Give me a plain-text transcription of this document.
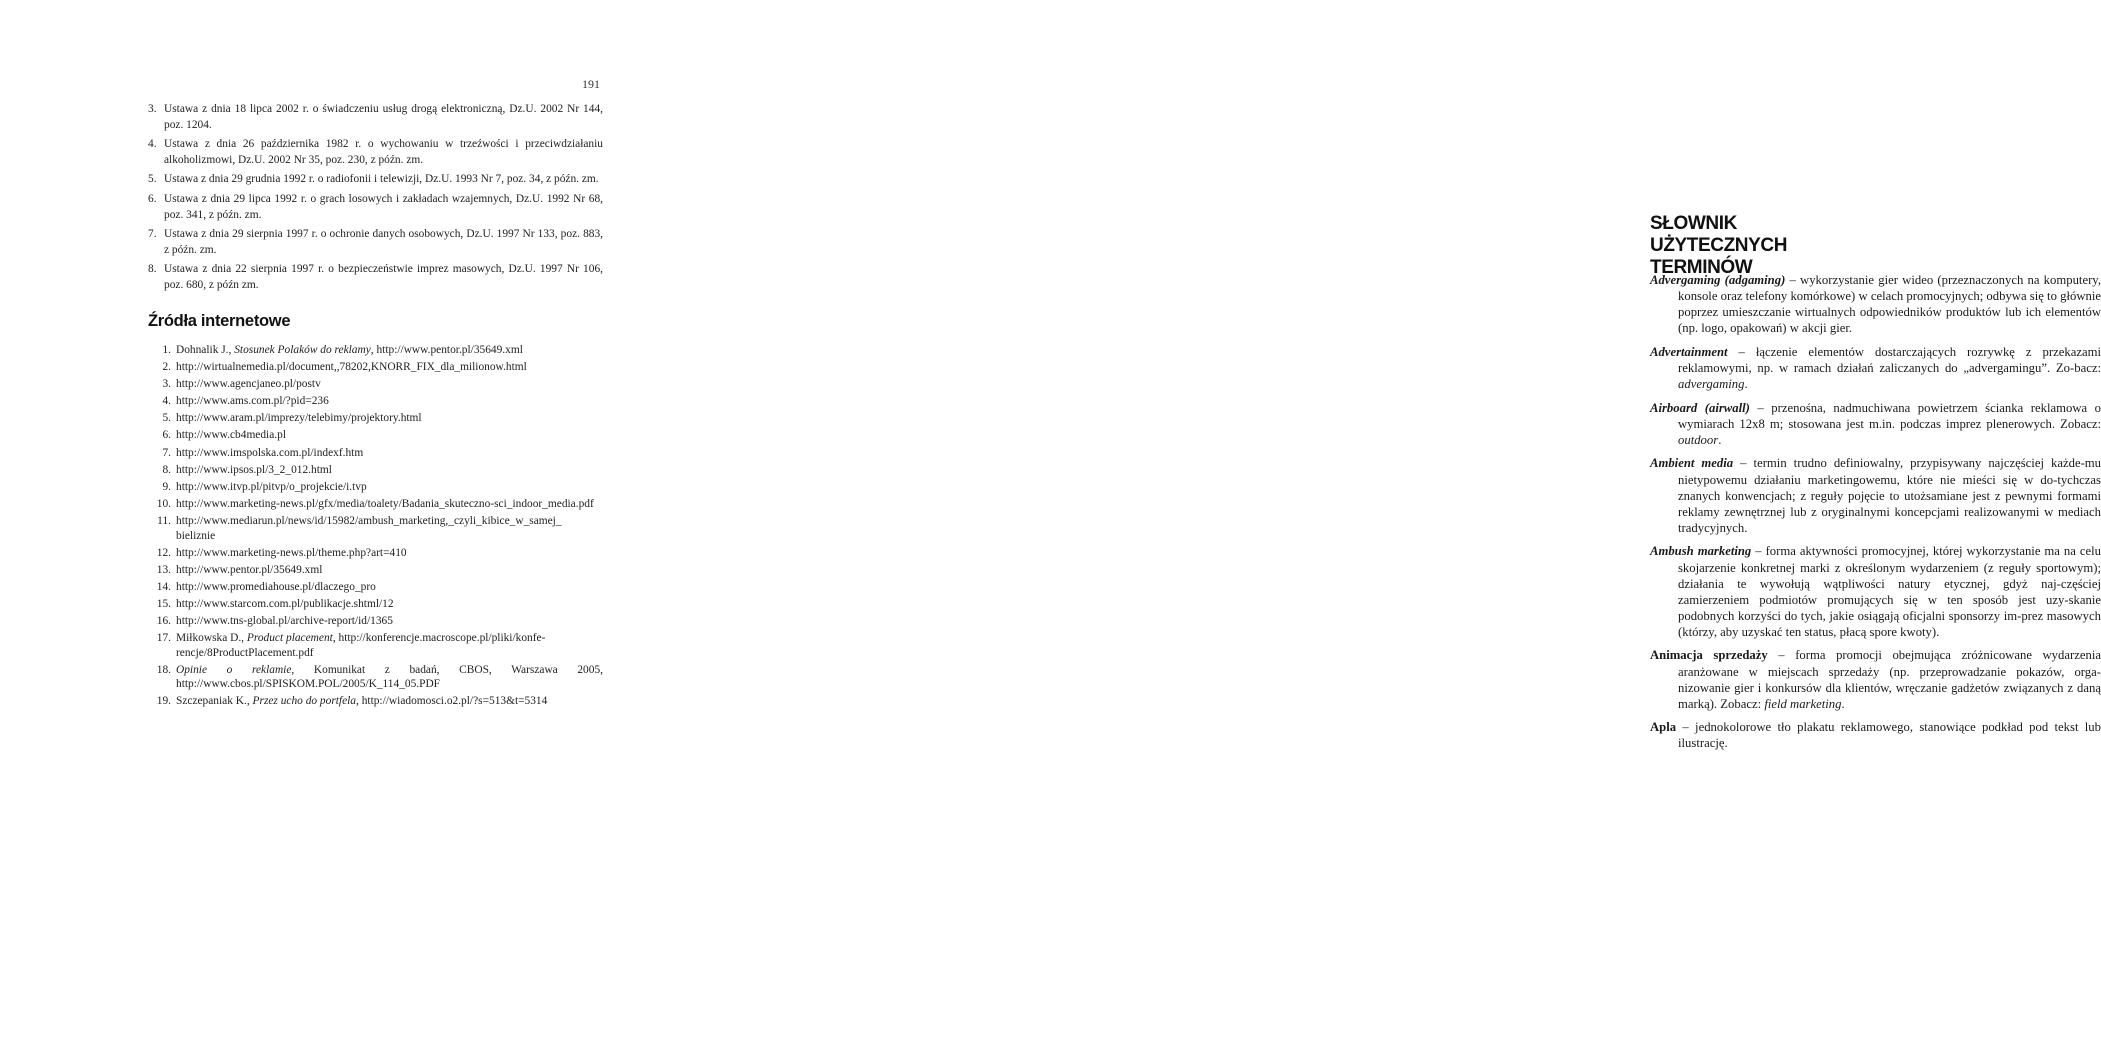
191
3. Ustawa z dnia 18 lipca 2002 r. o świadczeniu usług drogą elektroniczną, Dz.U. 2002 Nr 144, poz. 1204.
4. Ustawa z dnia 26 października 1982 r. o wychowaniu w trzeźwości i przeciwdziałaniu alkoholizmowi, Dz.U. 2002 Nr 35, poz. 230, z późn. zm.
5. Ustawa z dnia 29 grudnia 1992 r. o radiofonii i telewizji, Dz.U. 1993 Nr 7, poz. 34, z późn. zm.
6. Ustawa z dnia 29 lipca 1992 r. o grach losowych i zakładach wzajemnych, Dz.U. 1992 Nr 68, poz. 341, z późn. zm.
7. Ustawa z dnia 29 sierpnia 1997 r. o ochronie danych osobowych, Dz.U. 1997 Nr 133, poz. 883, z późn. zm.
8. Ustawa z dnia 22 sierpnia 1997 r. o bezpieczeństwie imprez masowych, Dz.U. 1997 Nr 106, poz. 680, z późn zm.
Źródła internetowe
1. Dohnalik J., Stosunek Polaków do reklamy, http://www.pentor.pl/35649.xml
2. http://wirtualnemedia.pl/document,,78202,KNORR_FIX_dla_milionow.html
3. http://www.agencjaneo.pl/postv
4. http://www.ams.com.pl/?pid=236
5. http://www.aram.pl/imprezy/telebimy/projektory.html
6. http://www.cb4media.pl
7. http://www.imspolska.com.pl/indexf.htm
8. http://www.ipsos.pl/3_2_012.html
9. http://www.itvp.pl/pitvp/o_projekcie/i.tvp
10. http://www.marketing-news.pl/gfx/media/toalety/Badania_skuteczno-sci_indoor_media.pdf
11. http://www.mediarun.pl/news/id/15982/ambush_marketing,_czyli_kibice_w_samej_ bieliznie
12. http://www.marketing-news.pl/theme.php?art=410
13. http://www.pentor.pl/35649.xml
14. http://www.promediahouse.pl/dlaczego_pro
15. http://www.starcom.com.pl/publikacje.shtml/12
16. http://www.tns-global.pl/archive-report/id/1365
17. Miłkowska D., Product placement, http://konferencje.macroscope.pl/pliki/konfe-rencje/8ProductPlacement.pdf
18. Opinie o reklamie, Komunikat z badań, CBOS, Warszawa 2005, http://www.cbos.pl/SPISKOM.POL/2005/K_114_05.PDF
19. Szczepaniak K., Przez ucho do portfela, http://wiadomosci.o2.pl/?s=513&t=5314
SŁOWNIK UŻYTECZNYCH TERMINÓW
Advergaming (adgaming) – wykorzystanie gier wideo (przeznaczonych na komputery, konsole oraz telefony komórkowe) w celach promocyjnych; odbywa się to głównie poprzez umieszczanie wirtualnych odpowiedników produktów lub ich elementów (np. logo, opakowań) w akcji gier.
Advertainment – łączenie elementów dostarczających rozrywkę z przekazami reklamowymi, np. w ramach działań zaliczanych do „advergamingu”. Zo-bacz: advergaming.
Airboard (airwall) – przenośna, nadmuchiwana powietrzem ścianka reklamowa o wymiarach 12x8 m; stosowana jest m.in. podczas imprez plenerowych. Zobacz: outdoor.
Ambient media – termin trudno definiowalny, przypisywany najczęściej każde-mu nietypowemu działaniu marketingowemu, które nie mieści się w do-tychczas znanych konwencjach; z reguły pojęcie to utożsamiane jest z pewnymi formami reklamy zewnętrznej lub z oryginalnymi koncepcjami realizowanymi w mediach tradycyjnych.
Ambush marketing – forma aktywności promocyjnej, której wykorzystanie ma na celu skojarzenie konkretnej marki z określonym wydarzeniem (z reguły sportowym); działania te wywołują wątpliwości natury etycznej, gdyż naj-częściej zamierzeniem podmiotów promujących się w ten sposób jest uzy-skanie podobnych korzyści do tych, jakie osiągają oficjalni sponsorzy im-prez masowych (którzy, aby uzyskać ten status, płacą spore kwoty).
Animacja sprzedaży – forma promocji obejmująca zróżnicowane wydarzenia aranżowane w miejscach sprzedaży (np. przeprowadzanie pokazów, orga-nizowanie gier i konkursów dla klientów, wręczanie gadżetów związanych z daną marką). Zobacz: field marketing.
Apla – jednokolorowe tło plakatu reklamowego, stanowiące podkład pod tekst lub ilustrację.
